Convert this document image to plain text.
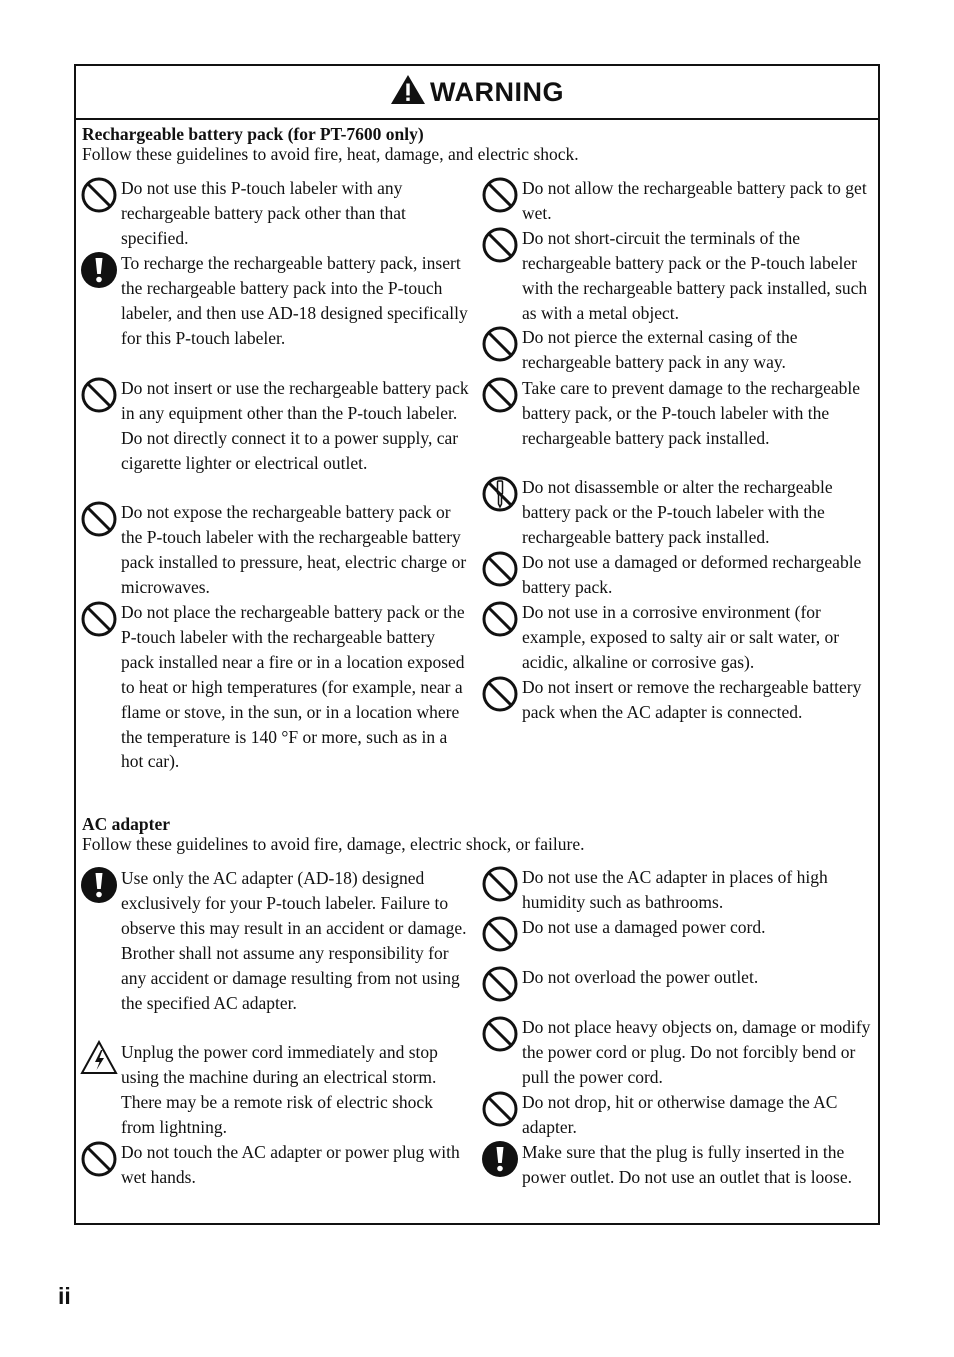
WARNING
Rechargeable battery pack (for PT-7600 only)
Follow these guidelines to avoid fire, heat, damage, and electric shock.
Do not use this P-touch labeler with any rechargeable battery pack other than that specified.
To recharge the rechargeable battery pack, insert the rechargeable battery pack into the P-touch labeler, and then use AD-18 designed specifically for this P-touch labeler.
Do not insert or use the rechargeable battery pack in any equipment other than the P-touch labeler. Do not directly connect it to a power supply, car cigarette lighter or electrical outlet.
Do not expose the rechargeable battery pack or the P-touch labeler with the rechargeable battery pack installed to pressure, heat, electric charge or microwaves.
Do not place the rechargeable battery pack or the P-touch labeler with the rechargeable battery pack installed near a fire or in a location exposed to heat or high temperatures (for example, near a flame or stove, in the sun, or in a location where the temperature is 140 °F or more, such as in a hot car).
Do not allow the rechargeable battery pack to get wet.
Do not short-circuit the terminals of the rechargeable battery pack or the P-touch labeler with the rechargeable battery pack installed, such as with a metal object.
Do not pierce the external casing of the rechargeable battery pack in any way.
Take care to prevent damage to the rechargeable battery pack, or the P-touch labeler with the rechargeable battery pack installed.
Do not disassemble or alter the rechargeable battery pack or the P-touch labeler with the rechargeable battery pack installed.
Do not use a damaged or deformed rechargeable battery pack.
Do not use in a corrosive environment (for example, exposed to salty air or salt water, or acidic, alkaline or corrosive gas).
Do not insert or remove the rechargeable battery pack when the AC adapter is connected.
AC adapter
Follow these guidelines to avoid fire, damage, electric shock, or failure.
Use only the AC adapter (AD-18) designed exclusively for your P-touch labeler. Failure to observe this may result in an accident or damage. Brother shall not assume any responsibility for any accident or damage resulting from not using the specified AC adapter.
Unplug the power cord immediately and stop using the machine during an electrical storm. There may be a remote risk of electric shock from lightning.
Do not touch the AC adapter or power plug with wet hands.
Do not use the AC adapter in places of high humidity such as bathrooms.
Do not use a damaged power cord.
Do not overload the power outlet.
Do not place heavy objects on, damage or modify the power cord or plug. Do not forcibly bend or pull the power cord.
Do not drop, hit or otherwise damage the AC adapter.
Make sure that the plug is fully inserted in the power outlet. Do not use an outlet that is loose.
ii
